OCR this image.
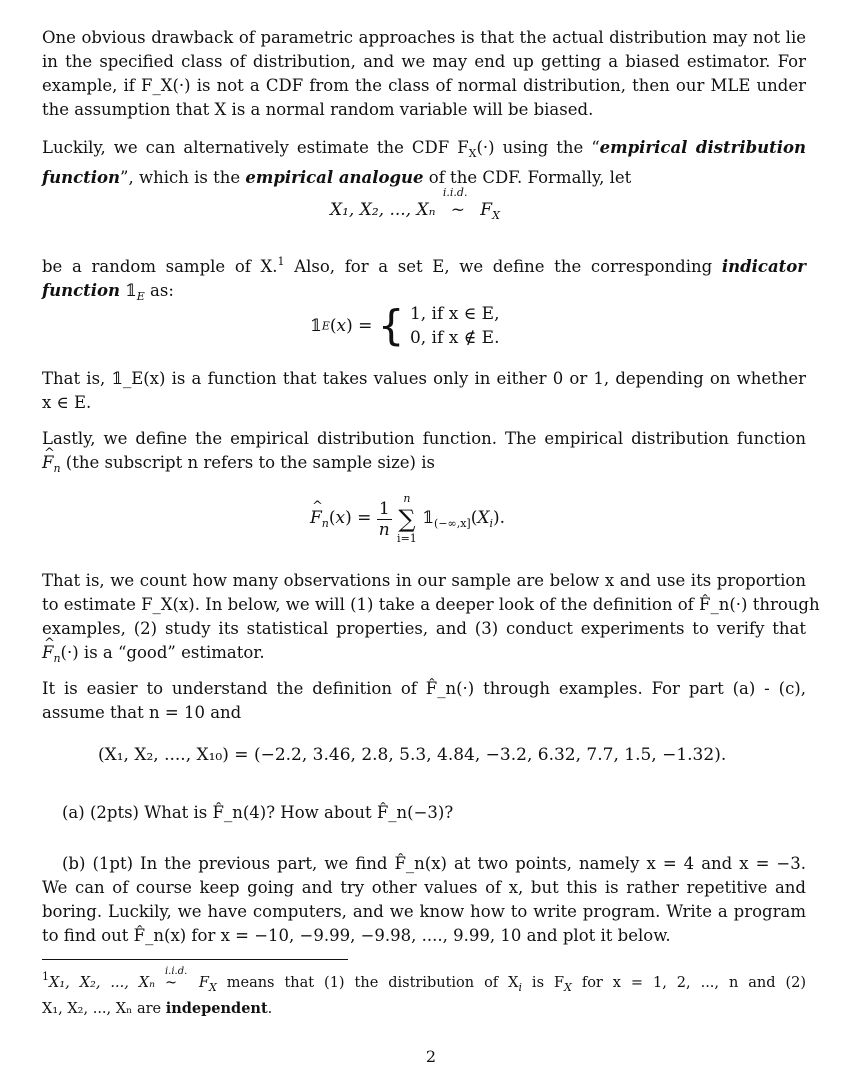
One obvious drawback of parametric approaches is that the actual distribution may not lie
in the specified class of distribution, and we may end up getting a biased estimator. For
example, if F_X(·) is not a CDF from the class of normal distribution, then our MLE under
the assumption that X is a normal random variable will be biased.
Luckily, we can alternatively estimate the CDF $F_X(\cdot)$ using the “empirical distribution
function”, which is the empirical analogue of the CDF. Formally, let
X₁, X₂, ..., Xₙ
i.i.d.
~ $F_X$
be a random sample of X.$^1$ Also, for a set E, we define the corresponding indicator
function $𝟙_E$ as:
𝟙E(x) = { 1, if x ∈ E,
0, if x ∉ E.
That is, 𝟙_E(x) is a function that takes values only in either 0 or 1, depending on whether
x ∈ E.
Lastly, we define the empirical distribution function. The empirical distribution function
^ $F_n$ (the subscript n refers to the sample size) is
^ $F_n(x) = \frac{1}{n}$
	n
∑
i=1
$𝟙_{(-\infty,x]}(X_i)$.
That is, we count how many observations in our sample are below x and use its proportion
to estimate F_X(x). In below, we will (1) take a deeper look of the definition of F̂_n(·) through
examples, (2) study its statistical properties, and (3) conduct experiments to verify that
^ $F_n(\cdot)$ is a “good” estimator.
It is easier to understand the definition of F̂_n(·) through examples. For part (a) - (c),
assume that n = 10 and
(X₁, X₂, ...., X₁₀) = (−2.2, 3.46, 2.8, 5.3, 4.84, −3.2, 6.32, 7.7, 1.5, −1.32).
(a) (2pts) What is F̂_n(4)? How about F̂_n(−3)?
(b) (1pt) In the previous part, we find F̂_n(x) at two points, namely x = 4 and x = −3.
We can of course keep going and try other values of x, but this is rather repetitive and
boring. Luckily, we have computers, and we know how to write program. Write a program
to find out F̂_n(x) for x = −10, −9.99, −9.98, ...., 9.99, 10 and plot it below.
$^1$X₁, X₂, ..., Xₙ
i.i.d.
~ $F_X$ means that (1) the distribution of $X_i$ is $F_X$ for x = 1, 2, ..., n and (2)
X₁, X₂, ..., Xₙ are independent.
2
